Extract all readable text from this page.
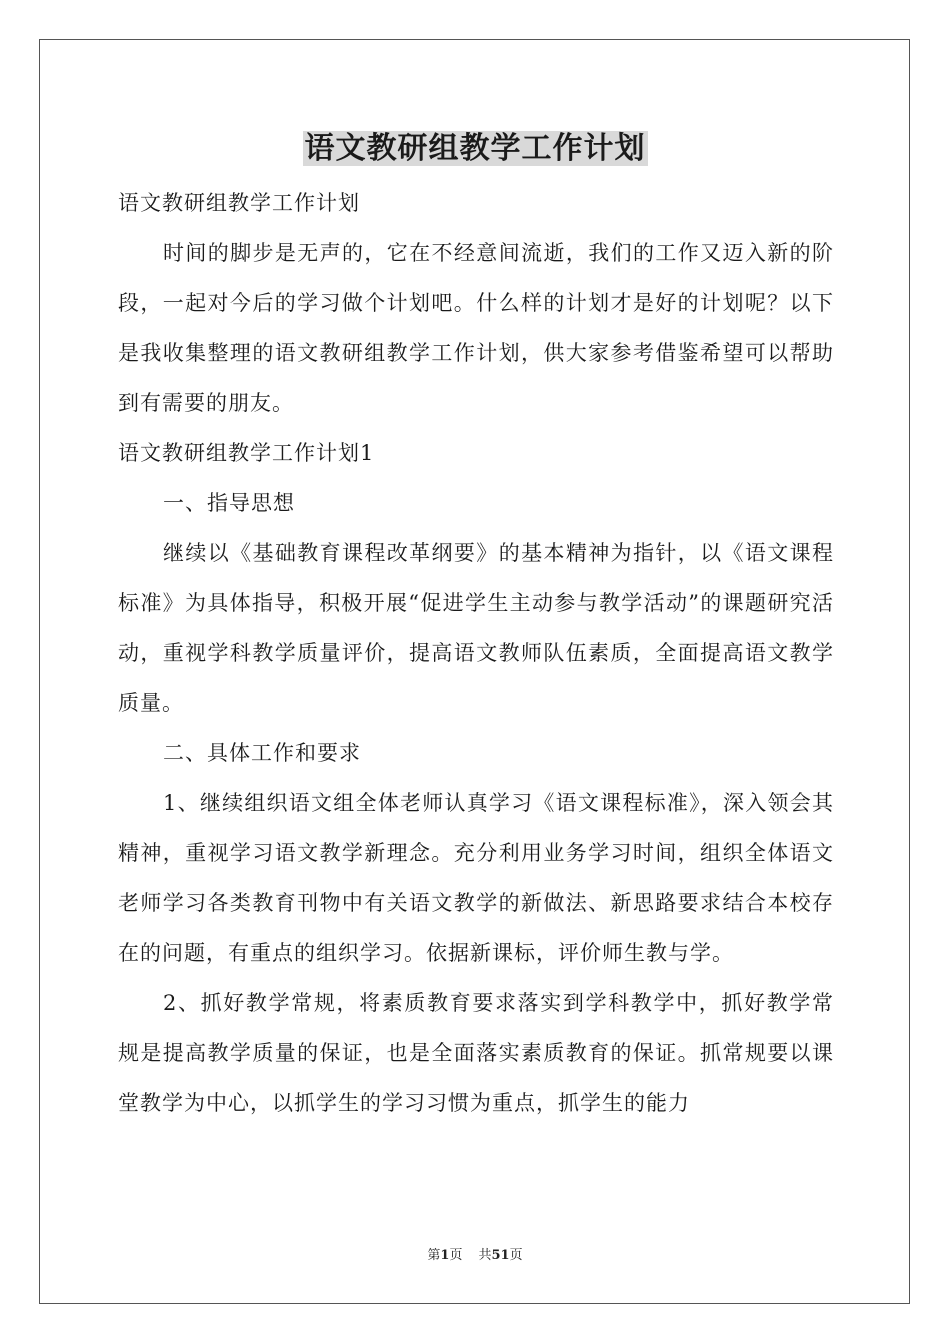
语文教研组教学工作计划

语文教研组教学工作计划

时间的脚步是无声的，它在不经意间流逝，我们的工作又迈入新的阶段，一起对今后的学习做个计划吧。什么样的计划才是好的计划呢？以下是我收集整理的语文教研组教学工作计划，供大家参考借鉴希望可以帮助到有需要的朋友。

语文教研组教学工作计划1

一、指导思想

继续以《基础教育课程改革纲要》的基本精神为指针，以《语文课程标准》为具体指导，积极开展“促进学生主动参与教学活动”的课题研究活动，重视学科教学质量评价，提高语文教师队伍素质，全面提高语文教学质量。

二、具体工作和要求

1、继续组织语文组全体老师认真学习《语文课程标准》，深入领会其精神，重视学习语文教学新理念。充分利用业务学习时间，组织全体语文老师学习各类教育刊物中有关语文教学的新做法、新思路要求结合本校存在的问题，有重点的组织学习。依据新课标，评价师生教与学。

2、抓好教学常规，将素质教育要求落实到学科教学中，抓好教学常规是提高教学质量的保证，也是全面落实素质教育的保证。抓常规要以课堂教学为中心，以抓学生的学习习惯为重点，抓学生的能力

第1页 共51页
